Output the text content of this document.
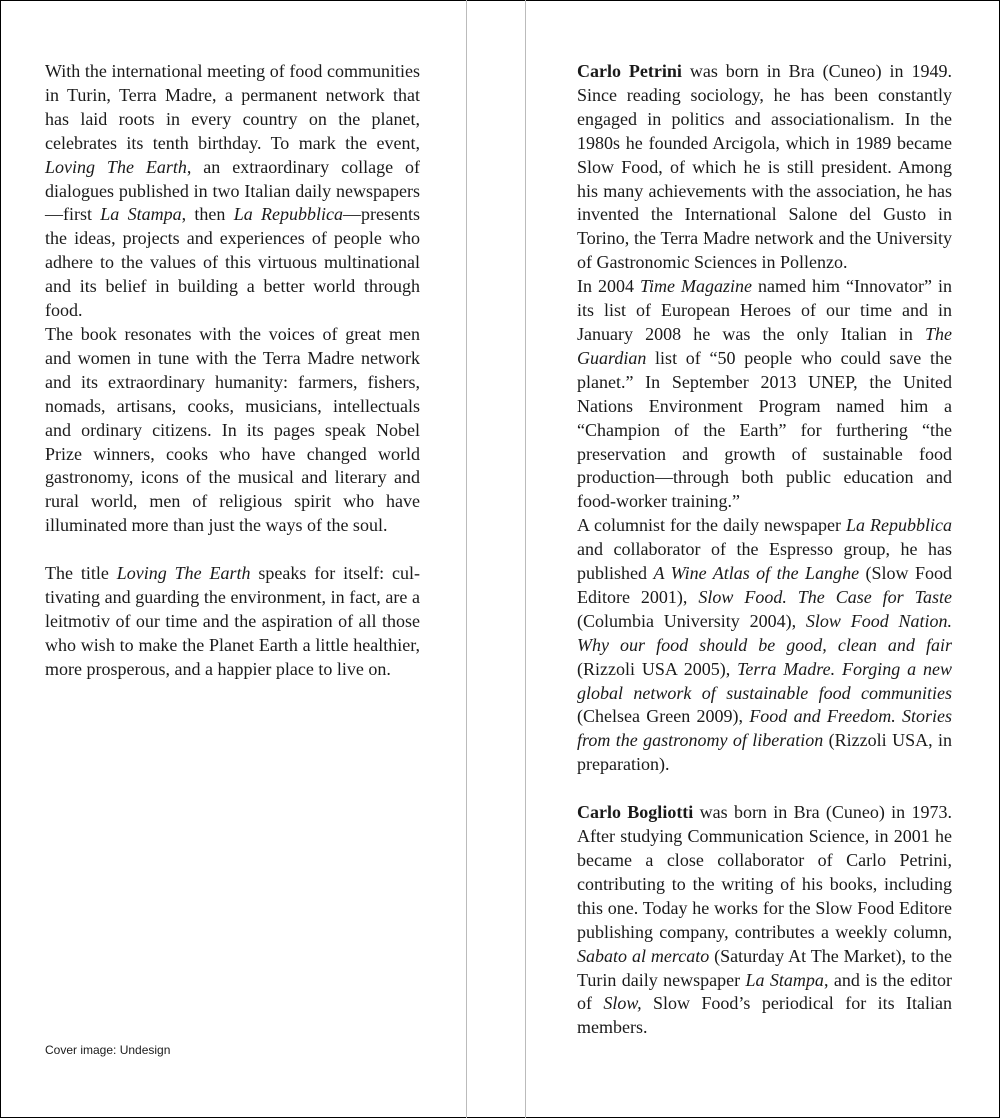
With the international meeting of food communities in Turin, Terra Madre, a permanent network that has laid roots in every country on the planet, celebrates its tenth birthday. To mark the event, Loving The Earth, an extraordinary collage of dialogues published in two Italian daily newspapers—first La Stampa, then La Repubblica—presents the ideas, projects and experiences of people who adhere to the values of this virtuous multinational and its belief in building a better world through food.

The book resonates with the voices of great men and women in tune with the Terra Madre network and its extraordinary humanity: farmers, fishers, nomads, artisans, cooks, musicians, intellectuals and ordinary citizens. In its pages speak Nobel Prize winners, cooks who have changed world gastronomy, icons of the musical and literary and rural world, men of religious spirit who have illuminated more than just the ways of the soul.

The title Loving The Earth speaks for itself: cultivating and guarding the environment, in fact, are a leitmotiv of our time and the aspiration of all those who wish to make the Planet Earth a little healthier, more prosperous, and a happier place to live on.

Cover image: Undesign

Carlo Petrini was born in Bra (Cuneo) in 1949. Since reading sociology, he has been constantly engaged in politics and associationalism. In the 1980s he founded Arcigola, which in 1989 became Slow Food, of which he is still president. Among his many achievements with the association, he has invented the International Salone del Gusto in Torino, the Terra Madre network and the University of Gastronomic Sciences in Pollenzo.

In 2004 Time Magazine named him “Innovator” in its list of European Heroes of our time and in January 2008 he was the only Italian in The Guardian list of “50 people who could save the planet.” In September 2013 UNEP, the United Nations Environment Program named him a “Champion of the Earth” for furthering “the preservation and growth of sustainable food production—through both public education and food-worker training.”

A columnist for the daily newspaper La Repubblica and collaborator of the Espresso group, he has published A Wine Atlas of the Langhe (Slow Food Editore 2001), Slow Food. The Case for Taste (Columbia University 2004), Slow Food Nation. Why our food should be good, clean and fair (Rizzoli USA 2005), Terra Madre. Forging a new global network of sustainable food communities (Chelsea Green 2009), Food and Freedom. Stories from the gastronomy of liberation (Rizzoli USA, in preparation).

Carlo Bogliotti was born in Bra (Cuneo) in 1973. After studying Communication Science, in 2001 he became a close collaborator of Carlo Petrini, contributing to the writing of his books, including this one. Today he works for the Slow Food Editore publishing company, contributes a weekly column, Sabato al mercato (Saturday At The Market), to the Turin daily newspaper La Stampa, and is the editor of Slow, Slow Food’s periodical for its Italian members.
